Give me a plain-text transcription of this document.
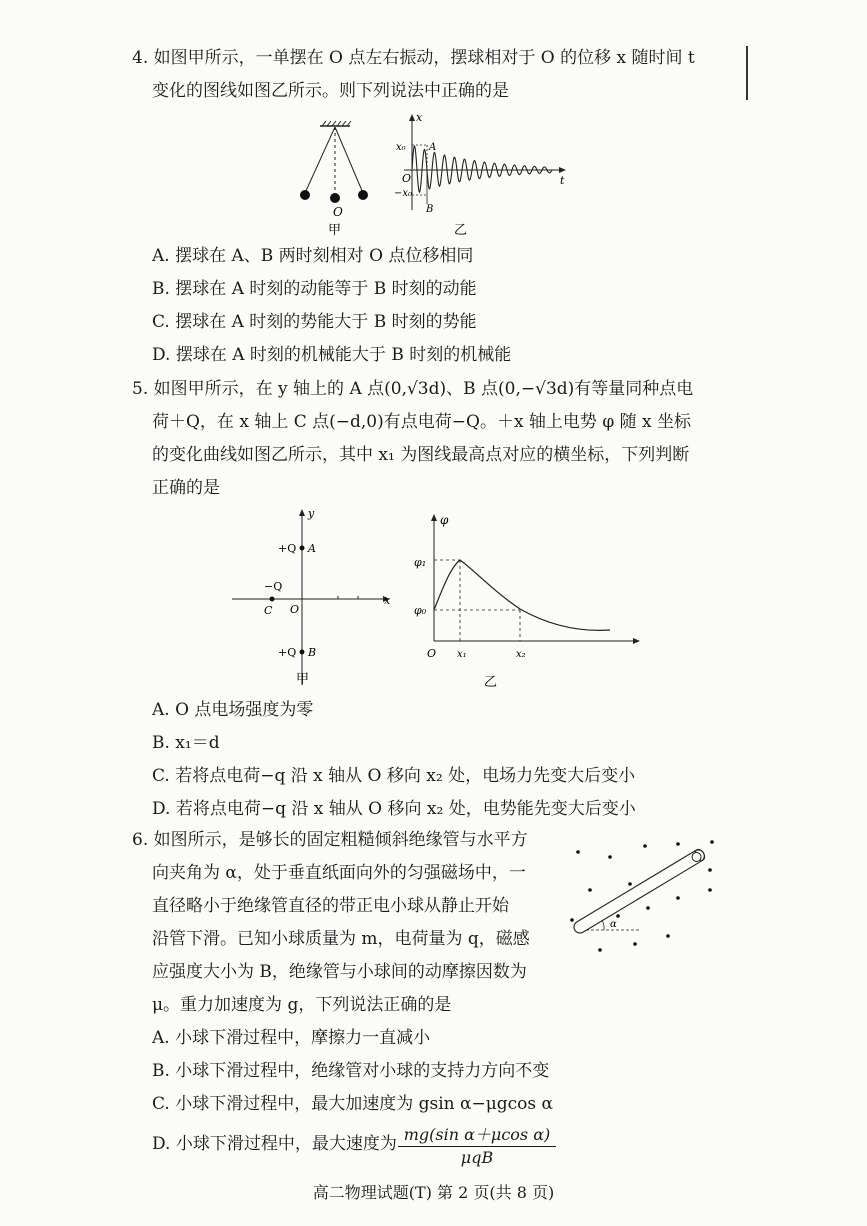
4. 如图甲所示，一单摆在 O 点左右振动，摆球相对于 O 的位移 x 随时间 t
变化的图线如图乙所示。则下列说法中正确的是
O
甲
x
t
x₀
−x₀
O
A
B
乙
A. 摆球在 A、B 两时刻相对 O 点位移相同
B. 摆球在 A 时刻的动能等于 B 时刻的动能
C. 摆球在 A 时刻的势能大于 B 时刻的势能
D. 摆球在 A 时刻的机械能大于 B 时刻的机械能
5. 如图甲所示，在 y 轴上的 A 点(0,√3d)、B 点(0,−√3d)有等量同种点电
荷＋Q，在 x 轴上 C 点(−d,0)有点电荷−Q。＋x 轴上电势 φ 随 x 坐标
的变化曲线如图乙所示，其中 x₁ 为图线最高点对应的横坐标，下列判断
正确的是
y
x
+Q A
−Q
C O
+Q B
甲
φ
φ₁
φ₀
O x₁	x₂
乙
A. O 点电场强度为零
B. x₁＝d
C. 若将点电荷−q 沿 x 轴从 O 移向 x₂ 处，电场力先变大后变小
D. 若将点电荷−q 沿 x 轴从 O 移向 x₂ 处，电势能先变大后变小
6. 如图所示，是够长的固定粗糙倾斜绝缘管与水平方
向夹角为 α，处于垂直纸面向外的匀强磁场中，一
直径略小于绝缘管直径的带正电小球从静止开始
沿管下滑。已知小球质量为 m，电荷量为 q，磁感
应强度大小为 B，绝缘管与小球间的动摩擦因数为
μ。重力加速度为 g，下列说法正确的是
α
A. 小球下滑过程中，摩擦力一直减小
B. 小球下滑过程中，绝缘管对小球的支持力方向不变
C. 小球下滑过程中，最大加速度为 gsin α−μgcos α
D. 小球下滑过程中，最大速度为 mg(sin α＋μcos α)
μqB
高二物理试题(T) 第 2 页(共 8 页)
